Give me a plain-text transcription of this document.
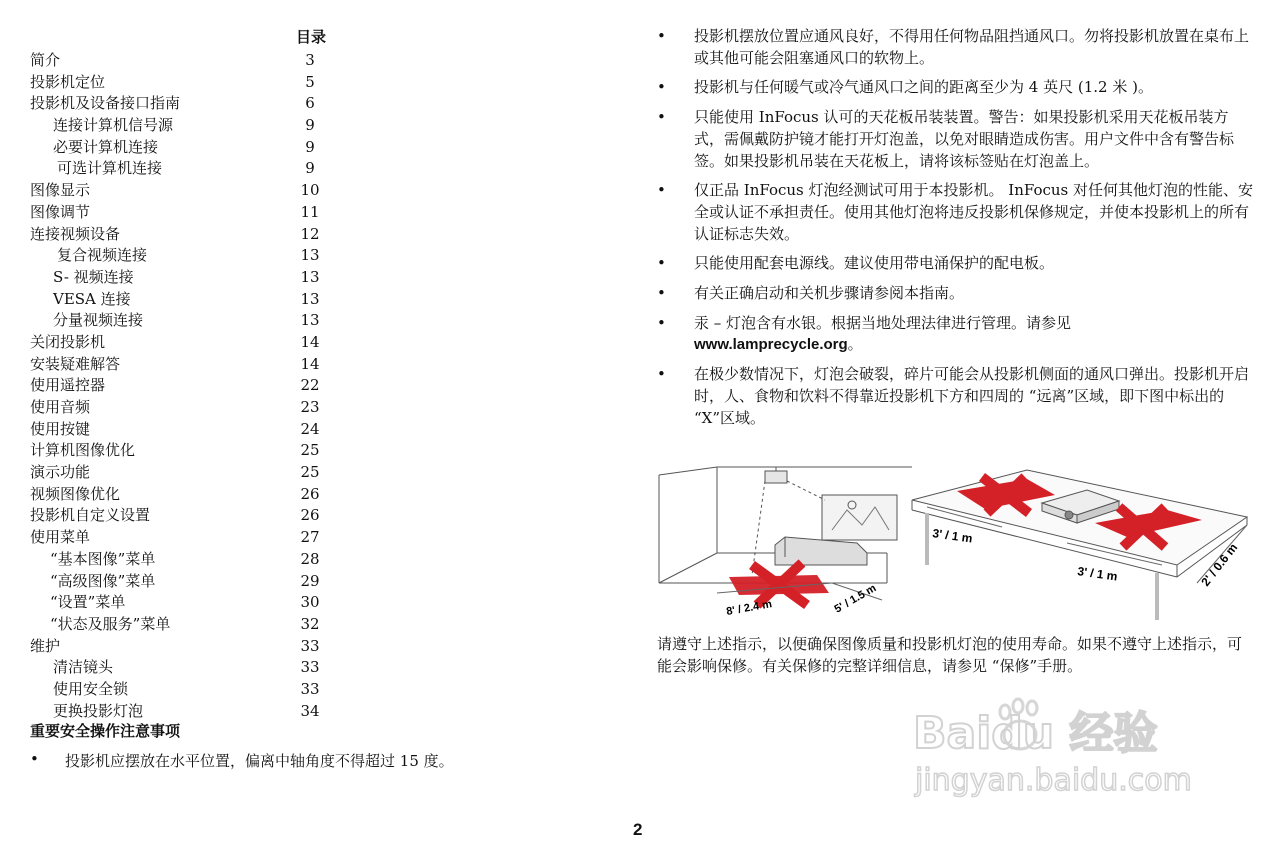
目录
简介	3
投影机定位	5
投影机及设备接口指南	6
连接计算机信号源	9
必要计算机连接	9
可选计算机连接	9
图像显示	10
图像调节	11
连接视频设备	12
复合视频连接	13
S- 视频连接	13
VESA 连接	13
分量视频连接	13
关闭投影机	14
安装疑难解答	14
使用遥控器	22
使用音频	23
使用按键	24
计算机图像优化	25
演示功能	25
视频图像优化	26
投影机自定义设置	26
使用菜单	27
“基本图像”菜单	28
“高级图像”菜单	29
“设置”菜单	30
“状态及服务”菜单	32
维护	33
清洁镜头	33
使用安全锁	33
更换投影灯泡	34
重要安全操作注意事项
• 投影机应摆放在水平位置，偏离中轴角度不得超过 15 度。
• 投影机摆放位置应通风良好，不得用任何物品阻挡通风口。勿将投影机放置在桌布上或其他可能会阻塞通风口的软物上。
• 投影机与任何暖气或冷气通风口之间的距离至少为 4 英尺 (1.2 米 )。
• 只能使用 InFocus 认可的天花板吊装装置。警告：如果投影机采用天花板吊装方式，需佩戴防护镜才能打开灯泡盖，以免对眼睛造成伤害。用户文件中含有警告标签。如果投影机吊装在天花板上，请将该标签贴在灯泡盖上。
• 仅正品 InFocus 灯泡经测试可用于本投影机。 InFocus 对任何其他灯泡的性能、安全或认证不承担责任。使用其他灯泡将违反投影机保修规定，并使本投影机上的所有认证标志失效。
• 只能使用配套电源线。建议使用带电涌保护的配电板。
• 有关正确启动和关机步骤请参阅本指南。
• 汞 – 灯泡含有水银。根据当地处理法律进行管理。请参见
www.lamprecycle.org。
• 在极少数情况下，灯泡会破裂，碎片可能会从投影机侧面的通风口弹出。投影机开启时，人、食物和饮料不得靠近投影机下方和四周的 “远离”区域，即下图中标出的 “X”区域。
8' / 2.4 m	5' / 1.5 m
3' / 1 m
3' / 1 m	2' / 0.6 m
请遵守上述指示，以便确保图像质量和投影机灯泡的使用寿命。如果不遵守上述指示，可能会影响保修。有关保修的完整详细信息，请参见 “保修”手册。
2
Baidu 经验
jingyan.baidu.com
